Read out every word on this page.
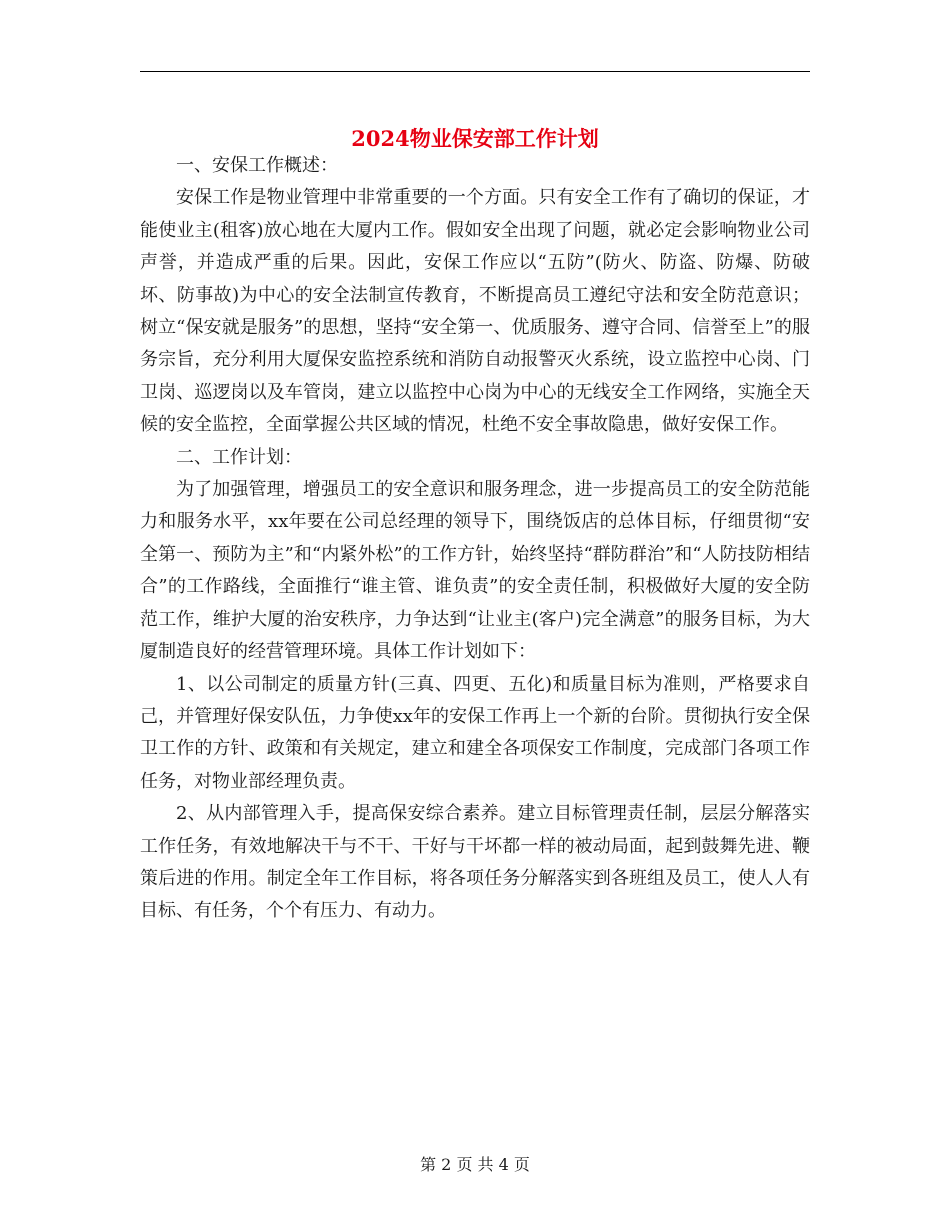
2024物业保安部工作计划

一、安保工作概述：

安保工作是物业管理中非常重要的一个方面。只有安全工作有了确切的保证，才能使业主(租客)放心地在大厦内工作。假如安全出现了问题，就必定会影响物业公司声誉，并造成严重的后果。因此，安保工作应以“五防”(防火、防盗、防爆、防破坏、防事故)为中心的安全法制宣传教育，不断提高员工遵纪守法和安全防范意识；树立“保安就是服务”的思想，坚持“安全第一、优质服务、遵守合同、信誉至上”的服务宗旨，充分利用大厦保安监控系统和消防自动报警灭火系统，设立监控中心岗、门卫岗、巡逻岗以及车管岗，建立以监控中心岗为中心的无线安全工作网络，实施全天候的安全监控，全面掌握公共区域的情况，杜绝不安全事故隐患，做好安保工作。

二、工作计划：

为了加强管理，增强员工的安全意识和服务理念，进一步提高员工的安全防范能力和服务水平，xx年要在公司总经理的领导下，围绕饭店的总体目标，仔细贯彻“安全第一、预防为主”和“内紧外松”的工作方针，始终坚持“群防群治”和“人防技防相结合”的工作路线，全面推行“谁主管、谁负责”的安全责任制，积极做好大厦的安全防范工作，维护大厦的治安秩序，力争达到“让业主(客户)完全满意”的服务目标，为大厦制造良好的经营管理环境。具体工作计划如下：

1、以公司制定的质量方针(三真、四更、五化)和质量目标为准则，严格要求自己，并管理好保安队伍，力争使xx年的安保工作再上一个新的台阶。贯彻执行安全保卫工作的方针、政策和有关规定，建立和建全各项保安工作制度，完成部门各项工作任务，对物业部经理负责。

2、从内部管理入手，提高保安综合素养。建立目标管理责任制，层层分解落实工作任务，有效地解决干与不干、干好与干坏都一样的被动局面，起到鼓舞先进、鞭策后进的作用。制定全年工作目标，将各项任务分解落实到各班组及员工，使人人有目标、有任务，个个有压力、有动力。

第 2 页 共 4 页
